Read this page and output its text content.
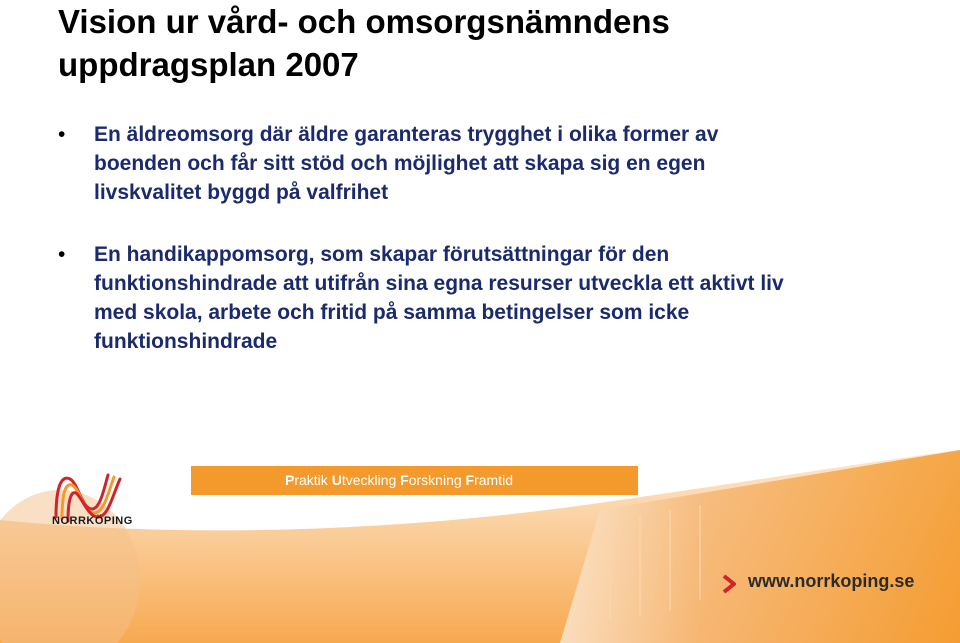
Vision ur vård- och omsorgsnämndens
uppdragsplan 2007
• En äldreomsorg där äldre garanteras trygghet i olika former av
boenden och får sitt stöd och möjlighet att skapa sig en egen
livskvalitet byggd på valfrihet
• En handikappomsorg, som skapar förutsättningar för den
funktionshindrade att utifrån sina egna resurser utveckla ett aktivt liv
med skola, arbete och fritid på samma betingelser som icke
funktionshindrade
NORRKÖPING
Praktik Utveckling Forskning Framtid
www.norrkoping.se
